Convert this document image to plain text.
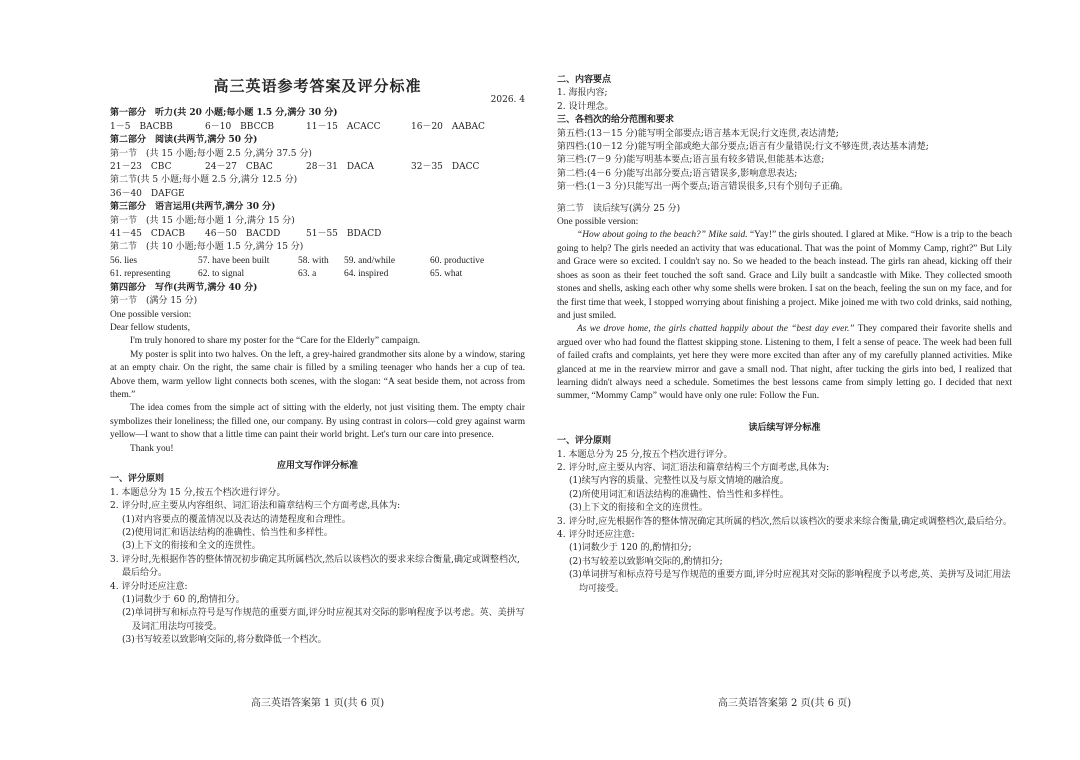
高三英语参考答案及评分标准
2026. 4
第一部分　听力(共 20 小题;每小题 1.5 分,满分 30 分)
1－5　BACBB	6－10　BBCCB	11－15　ACACC	16－20　AABAC
第二部分　阅读(共两节,满分 50 分)
第一节　(共 15 小题;每小题 2.5 分,满分 37.5 分)
21－23　CBC	24－27　CBAC	28－31　DACA	32－35　DACC
第二节(共 5 小题;每小题 2.5 分,满分 12.5 分)
36－40　DAFGE
第三部分　语言运用(共两节,满分 30 分)
第一节　(共 15 小题;每小题 1 分,满分 15 分)
41－45　CDACB	46－50　BACDD	51－55　BDACD
第二节　(共 10 小题;每小题 1.5 分,满分 15 分)
56. lies	57. have been built	58. with	59. and/while	60. productive
61. representing	62. to signal	63. a	64. inspired	65. what
第四部分　写作(共两节,满分 40 分)
第一节　(满分 15 分)
One possible version:
Dear fellow students,
I'm truly honored to share my poster for the “Care for the Elderly” campaign.
My poster is split into two halves. On the left, a grey-haired grandmother sits alone by a window, staring at an empty chair. On the right, the same chair is filled by a smiling teenager who hands her a cup of tea. Above them, warm yellow light connects both scenes, with the slogan: “A seat beside them, not across from them.”
The idea comes from the simple act of sitting with the elderly, not just visiting them. The empty chair symbolizes their loneliness; the filled one, our company. By using contrast in colors—cold grey against warm yellow—I want to show that a little time can paint their world bright. Let's turn our care into presence.
Thank you!
应用文写作评分标准
一、评分原则
1. 本题总分为 15 分,按五个档次进行评分。
2. 评分时,应主要从内容组织、词汇语法和篇章结构三个方面考虑,具体为:
(1)对内容要点的覆盖情况以及表达的清楚程度和合理性。
(2)使用词汇和语法结构的准确性、恰当性和多样性。
(3)上下文的衔接和全文的连贯性。
3. 评分时,先根据作答的整体情况初步确定其所属档次,然后以该档次的要求来综合衡量,确定或调整档次,最后给分。
4. 评分时还应注意:
(1)词数少于 60 的,酌情扣分。
(2)单词拼写和标点符号是写作规范的重要方面,评分时应视其对交际的影响程度予以考虑。英、美拼写及词汇用法均可接受。
(3)书写较差以致影响交际的,将分数降低一个档次。
高三英语答案第 1 页(共 6 页)
二、内容要点
1. 海报内容;
2. 设计理念。
三、各档次的给分范围和要求
第五档:(13－15 分)能写明全部要点;语言基本无误;行文连贯,表达清楚;
第四档:(10－12 分)能写明全部或绝大部分要点;语言有少量错误;行文不够连贯,表达基本清楚;
第三档:(7－9 分)能写明基本要点;语言虽有较多错误,但能基本达意;
第二档:(4－6 分)能写出部分要点;语言错误多,影响意思表达;
第一档:(1－3 分)只能写出一两个要点;语言错误很多,只有个别句子正确。
第二节　读后续写(满分 25 分)
One possible version:
“How about going to the beach?” Mike said. “Yay!” the girls shouted. I glared at Mike. “How is a trip to the beach going to help? The girls needed an activity that was educational. That was the point of Mommy Camp, right?” But Lily and Grace were so excited. I couldn't say no. So we headed to the beach instead. The girls ran ahead, kicking off their shoes as soon as their feet touched the soft sand. Grace and Lily built a sandcastle with Mike. They collected smooth stones and shells, asking each other why some shells were broken. I sat on the beach, feeling the sun on my face, and for the first time that week, I stopped worrying about finishing a project. Mike joined me with two cold drinks, said nothing, and just smiled.
As we drove home, the girls chatted happily about the “best day ever.” They compared their favorite shells and argued over who had found the flattest skipping stone. Listening to them, I felt a sense of peace. The week had been full of failed crafts and complaints, yet here they were more excited than after any of my carefully planned activities. Mike glanced at me in the rearview mirror and gave a small nod. That night, after tucking the girls into bed, I realized that learning didn't always need a schedule. Sometimes the best lessons came from simply letting go. I decided that next summer, “Mommy Camp” would have only one rule: Follow the Fun.
读后续写评分标准
一、评分原则
1. 本题总分为 25 分,按五个档次进行评分。
2. 评分时,应主要从内容、词汇语法和篇章结构三个方面考虑,具体为:
(1)续写内容的质量、完整性以及与原文情境的融洽度。
(2)所使用词汇和语法结构的准确性、恰当性和多样性。
(3)上下文的衔接和全文的连贯性。
3. 评分时,应先根据作答的整体情况确定其所属的档次,然后以该档次的要求来综合衡量,确定或调整档次,最后给分。
4. 评分时还应注意:
(1)词数少于 120 的,酌情扣分;
(2)书写较差以致影响交际的,酌情扣分;
(3)单词拼写和标点符号是写作规范的重要方面,评分时应视其对交际的影响程度予以考虑,英、美拼写及词汇用法均可接受。
高三英语答案第 2 页(共 6 页)
